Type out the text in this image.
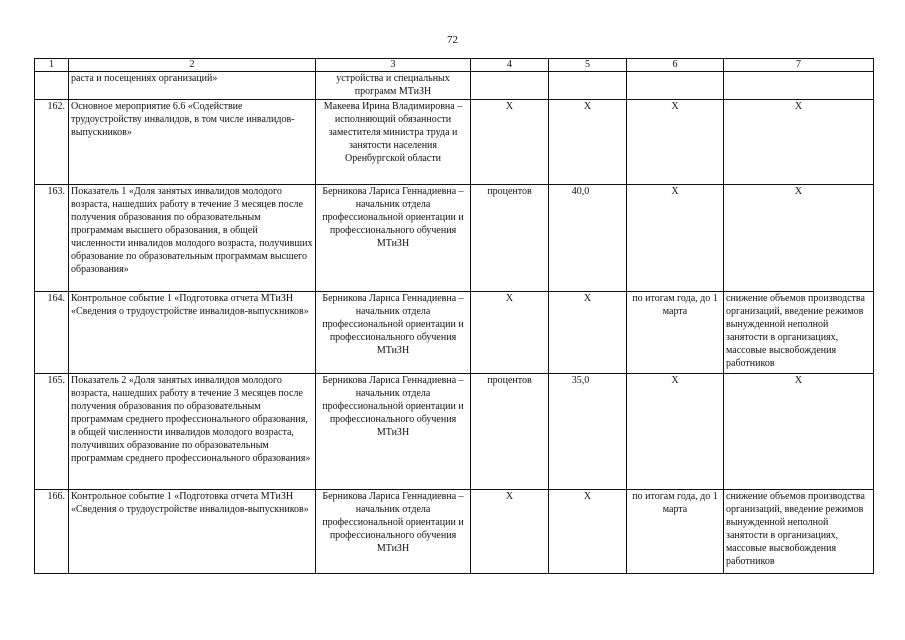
72
1	2	3	4	5	6	7
	раста и посещениях организаций»	устройства и специальных программ МТиЗН				
162.	Основное мероприятие 6.6 «Содействие трудоустройству инвалидов, в том числе инвалидов-выпускников»	Макеева Ирина Владимировна – исполняющий обязанности заместителя министра труда и занятости населения Оренбургской области	X	X	X	X
163.	Показатель 1 «Доля занятых инвалидов молодого возраста, нашедших работу в течение 3 месяцев после получения образования по образовательным программам высшего образования, в общей численности инвалидов молодого возраста, получивших образование по образовательным программам высшего образования»	Берникова Лариса Геннадиевна – начальник отдела профессиональной ориентации и профессионального обучения МТиЗН	процентов	40,0	X	X
164.	Контрольное событие 1 «Подготовка отчета МТиЗН «Сведения о трудоустройстве инвалидов-выпускников»	Берникова Лариса Геннадиевна – начальник отдела профессиональной ориентации и профессионального обучения МТиЗН	X	X	по итогам года, до 1 марта	снижение объемов производства организаций, введение режимов вынужденной неполной занятости в организациях, массовые высвобождения работников
165.	Показатель 2 «Доля занятых инвалидов молодого возраста, нашедших работу в течение 3 месяцев после получения образования по образовательным программам среднего профессионального образования, в общей численности инвалидов молодого возраста, получивших образование по образовательным программам среднего профессионального образования»	Берникова Лариса Геннадиевна – начальник отдела профессиональной ориентации и профессионального обучения МТиЗН	процентов	35,0	X	X
166.	Контрольное событие 1 «Подготовка отчета МТиЗН «Сведения о трудоустройстве инвалидов-выпускников»	Берникова Лариса Геннадиевна – начальник отдела профессиональной ориентации и профессионального обучения МТиЗН	X	X	по итогам года, до 1 марта	снижение объемов производства организаций, введение режимов вынужденной неполной занятости в организациях, массовые высвобождения работников
